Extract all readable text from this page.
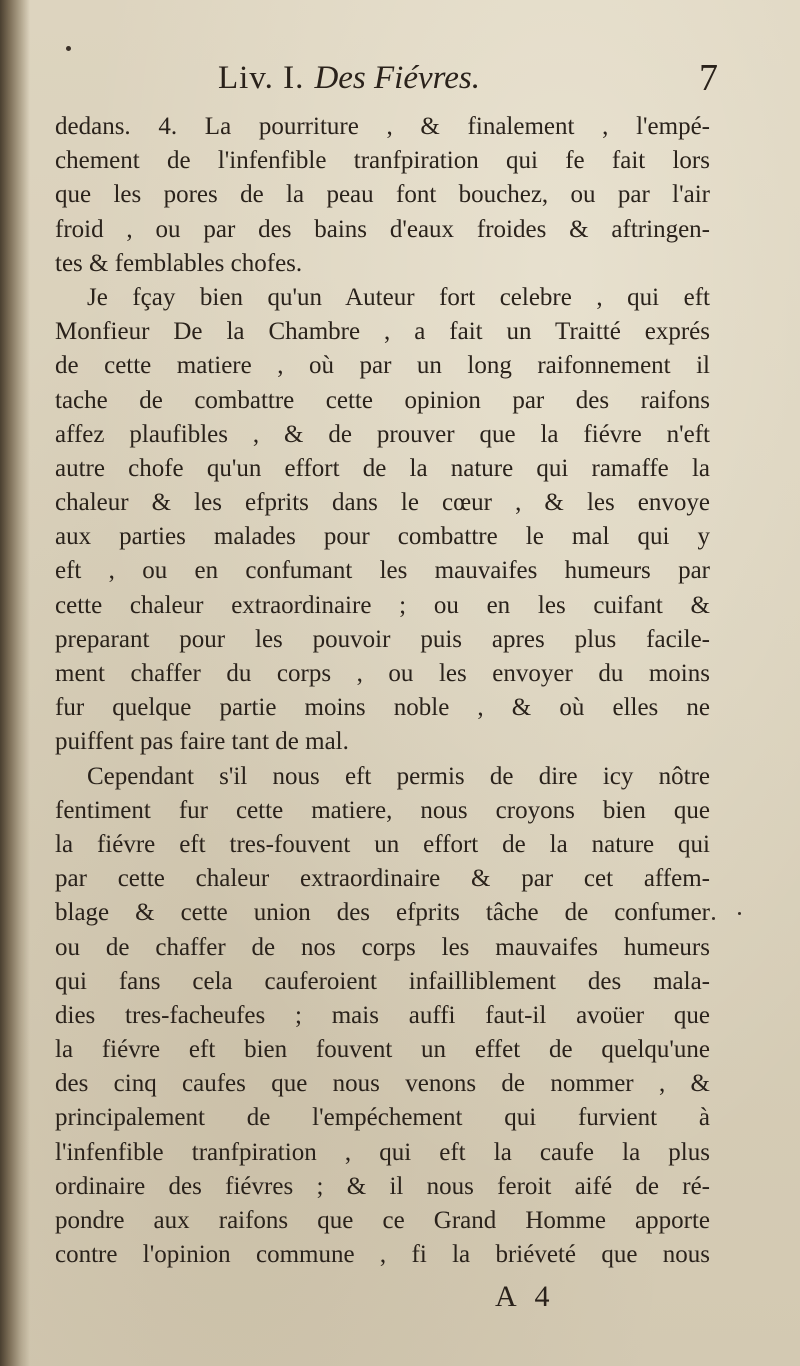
Liv. I. Des Fiévres.	7
dedans. 4. La pourriture , & finalement , l'empé-
chement de l'infenfible tranfpiration qui fe fait lors
que les pores de la peau font bouchez, ou par l'air
froid , ou par des bains d'eaux froides & aftringen-
tes & femblables chofes.
Je fçay bien qu'un Auteur fort celebre , qui eft
Monfieur De la Chambre , a fait un Traitté exprés
de cette matiere , où par un long raifonnement il
tache de combattre cette opinion par des raifons
affez plaufibles , & de prouver que la fiévre n'eft
autre chofe qu'un effort de la nature qui ramaffe la
chaleur & les efprits dans le cœur , & les envoye
aux parties malades pour combattre le mal qui y
eft , ou en confumant les mauvaifes humeurs par
cette chaleur extraordinaire ; ou en les cuifant &
preparant pour les pouvoir puis apres plus facile-
ment chaffer du corps , ou les envoyer du moins
fur quelque partie moins noble , & où elles ne
puiffent pas faire tant de mal.
Cependant s'il nous eft permis de dire icy nôtre
fentiment fur cette matiere, nous croyons bien que
la fiévre eft tres-fouvent un effort de la nature qui
par cette chaleur extraordinaire & par cet affem-
blage & cette union des efprits tâche de confumer
ou de chaffer de nos corps les mauvaifes humeurs
qui fans cela cauferoient infailliblement des mala-
dies tres-facheufes ; mais auffi faut-il avoüer que
la fiévre eft bien fouvent un effet de quelqu'une
des cinq caufes que nous venons de nommer , &
principalement de l'empéchement qui furvient à
l'infenfible tranfpiration , qui eft la caufe la plus
ordinaire des fiévres ; & il nous feroit aifé de ré-
pondre aux raifons que ce Grand Homme apporte
contre l'opinion commune , fi la briéveté que nous
A 4
